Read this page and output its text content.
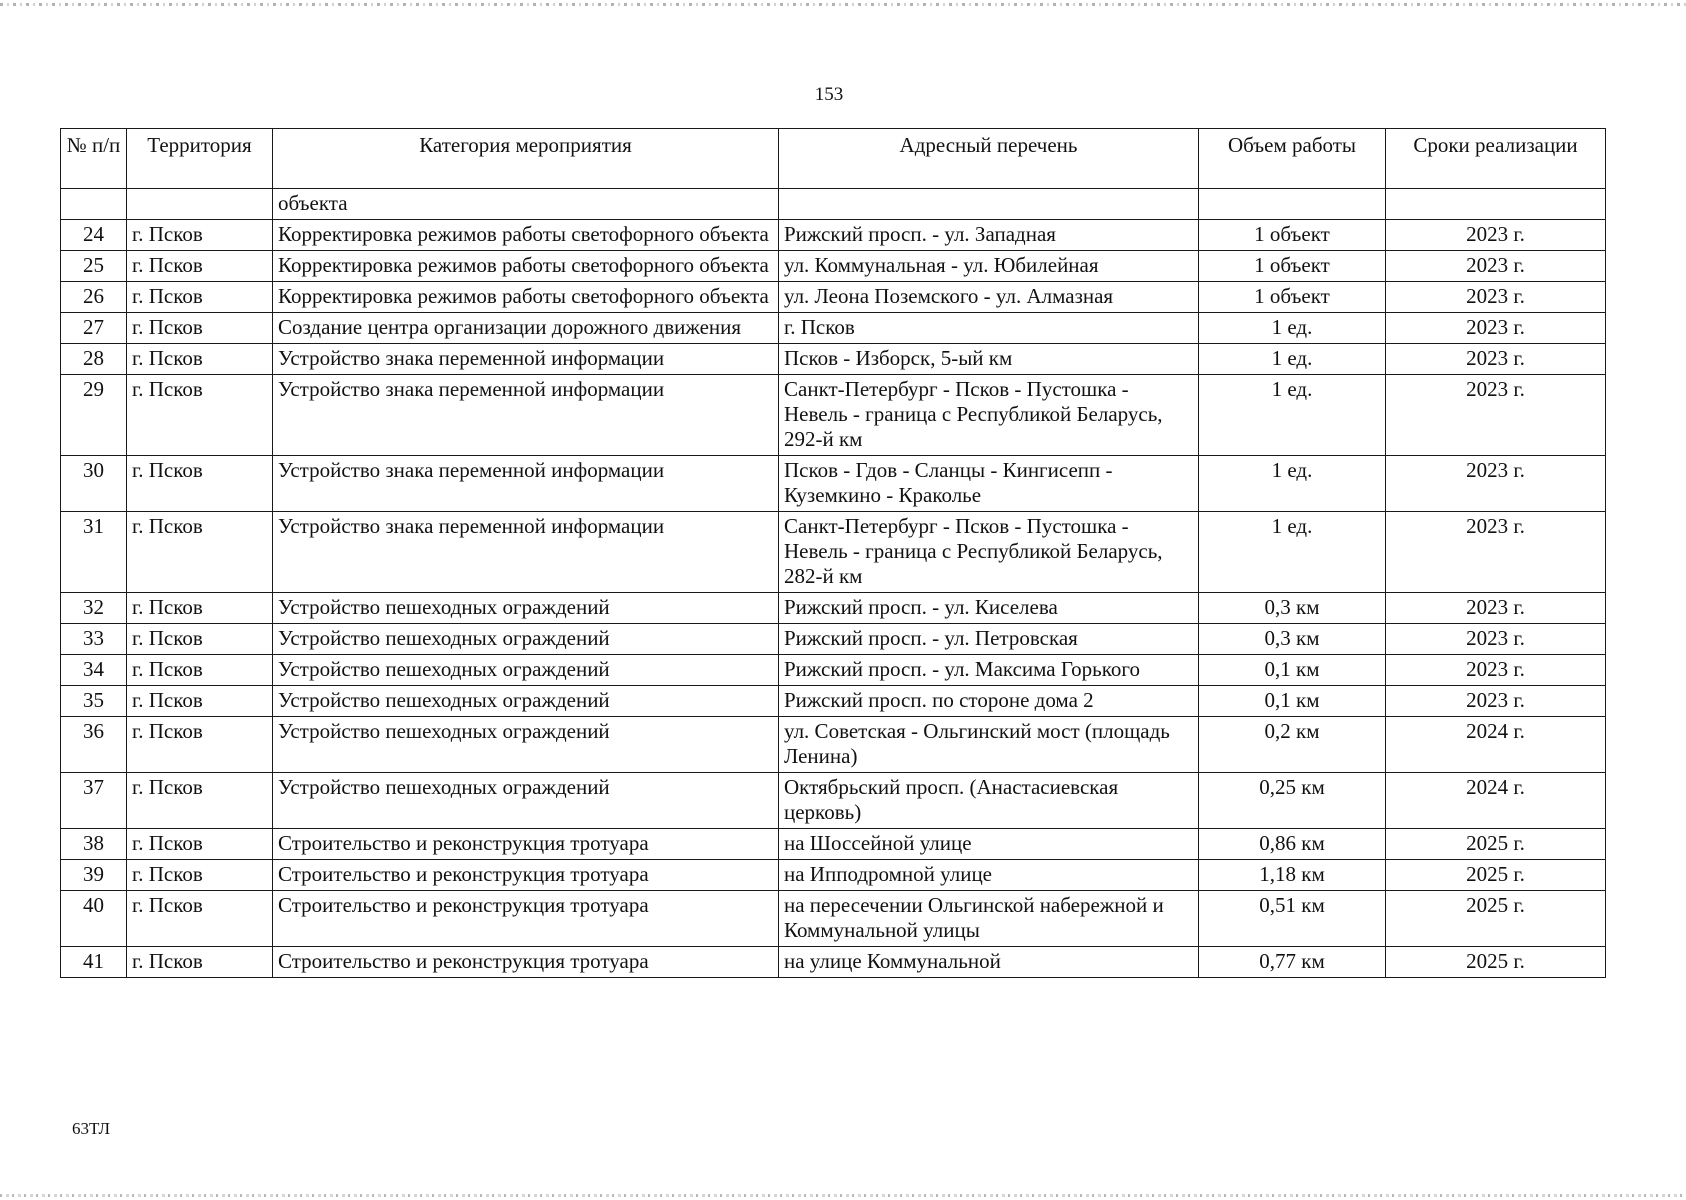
153
№ п/п	Территория	Категория мероприятия	Адресный перечень	Объем работы	Сроки реализации
		объекта			
24	г. Псков	Корректировка режимов работы светофорного объекта	Рижский просп. - ул. Западная	1 объект	2023 г.
25	г. Псков	Корректировка режимов работы светофорного объекта	ул. Коммунальная - ул. Юбилейная	1 объект	2023 г.
26	г. Псков	Корректировка режимов работы светофорного объекта	ул. Леона Поземского - ул. Алмазная	1 объект	2023 г.
27	г. Псков	Создание центра организации дорожного движения	г. Псков	1 ед.	2023 г.
28	г. Псков	Устройство знака переменной информации	Псков - Изборск, 5-ый км	1 ед.	2023 г.
29	г. Псков	Устройство знака переменной информации	Санкт-Петербург - Псков - Пустошка - Невель - граница с Республикой Беларусь, 292-й км	1 ед.	2023 г.
30	г. Псков	Устройство знака переменной информации	Псков - Гдов - Сланцы - Кингисепп - Куземкино - Краколье	1 ед.	2023 г.
31	г. Псков	Устройство знака переменной информации	Санкт-Петербург - Псков - Пустошка - Невель - граница с Республикой Беларусь, 282-й км	1 ед.	2023 г.
32	г. Псков	Устройство пешеходных ограждений	Рижский просп. - ул. Киселева	0,3 км	2023 г.
33	г. Псков	Устройство пешеходных ограждений	Рижский просп. - ул. Петровская	0,3 км	2023 г.
34	г. Псков	Устройство пешеходных ограждений	Рижский просп. - ул. Максима Горького	0,1 км	2023 г.
35	г. Псков	Устройство пешеходных ограждений	Рижский просп. по стороне дома 2	0,1 км	2023 г.
36	г. Псков	Устройство пешеходных ограждений	ул. Советская - Ольгинский мост (площадь Ленина)	0,2 км	2024 г.
37	г. Псков	Устройство пешеходных ограждений	Октябрьский просп. (Анастасиевская церковь)	0,25 км	2024 г.
38	г. Псков	Строительство и реконструкция тротуара	на Шоссейной улице	0,86 км	2025 г.
39	г. Псков	Строительство и реконструкция тротуара	на Ипподромной улице	1,18 км	2025 г.
40	г. Псков	Строительство и реконструкция тротуара	на пересечении Ольгинской набережной и Коммунальной улицы	0,51 км	2025 г.
41	г. Псков	Строительство и реконструкция тротуара	на улице Коммунальной	0,77 км	2025 г.
63ТЛ
